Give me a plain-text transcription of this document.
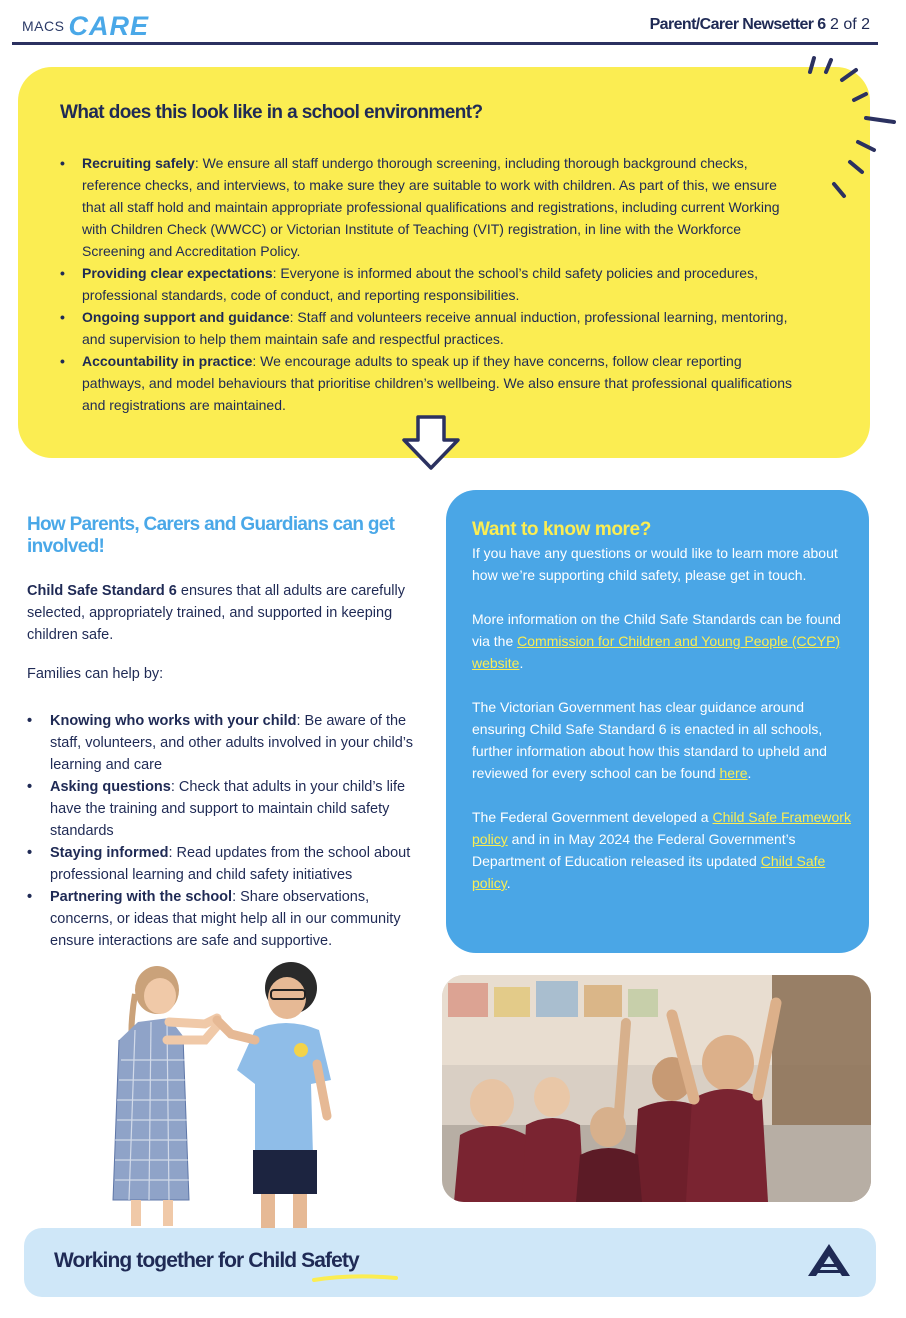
MACS CARE	Parent/Carer Newsetter 6 2 of 2
What does this look like in a school environment?
• Recruiting safely: We ensure all staff undergo thorough screening, including thorough background checks, reference checks, and interviews, to make sure they are suitable to work with children. As part of this, we ensure that all staff hold and maintain appropriate professional qualifications and registrations, including current Working with Children Check (WWCC) or Victorian Institute of Teaching (VIT) registration, in line with the Workforce Screening and Accreditation Policy.
• Providing clear expectations: Everyone is informed about the school’s child safety policies and procedures, professional standards, code of conduct, and reporting responsibilities.
• Ongoing support and guidance: Staff and volunteers receive annual induction, professional learning, mentoring, and supervision to help them maintain safe and respectful practices.
• Accountability in practice: We encourage adults to speak up if they have concerns, follow clear reporting pathways, and model behaviours that prioritise children’s wellbeing. We also ensure that professional qualifications and registrations are maintained.
How Parents, Carers and Guardians can get involved!
Child Safe Standard 6 ensures that all adults are carefully selected, appropriately trained, and supported in keeping children safe.
Families can help by:
• Knowing who works with your child: Be aware of the staff, volunteers, and other adults involved in your child’s learning and care
• Asking questions: Check that adults in your child’s life have the training and support to maintain child safety standards
• Staying informed: Read updates from the school about professional learning and child safety initiatives
• Partnering with the school: Share observations, concerns, or ideas that might help all in our community ensure interactions are safe and supportive.
Want to know more?

If you have any questions or would like to learn more about how we’re supporting child safety, please get in touch.

More information on the Child Safe Standards can be found via the Commission for Children and Young People (CCYP) website.

The Victorian Government has clear guidance around ensuring Child Safe Standard 6 is enacted in all schools, further information about how this standard to upheld and reviewed for every school can be found here.

The Federal Government developed a Child Safe Framework policy and in in May 2024 the Federal Government’s Department of Education released its updated Child Safe policy.

Working together for Child Safety
